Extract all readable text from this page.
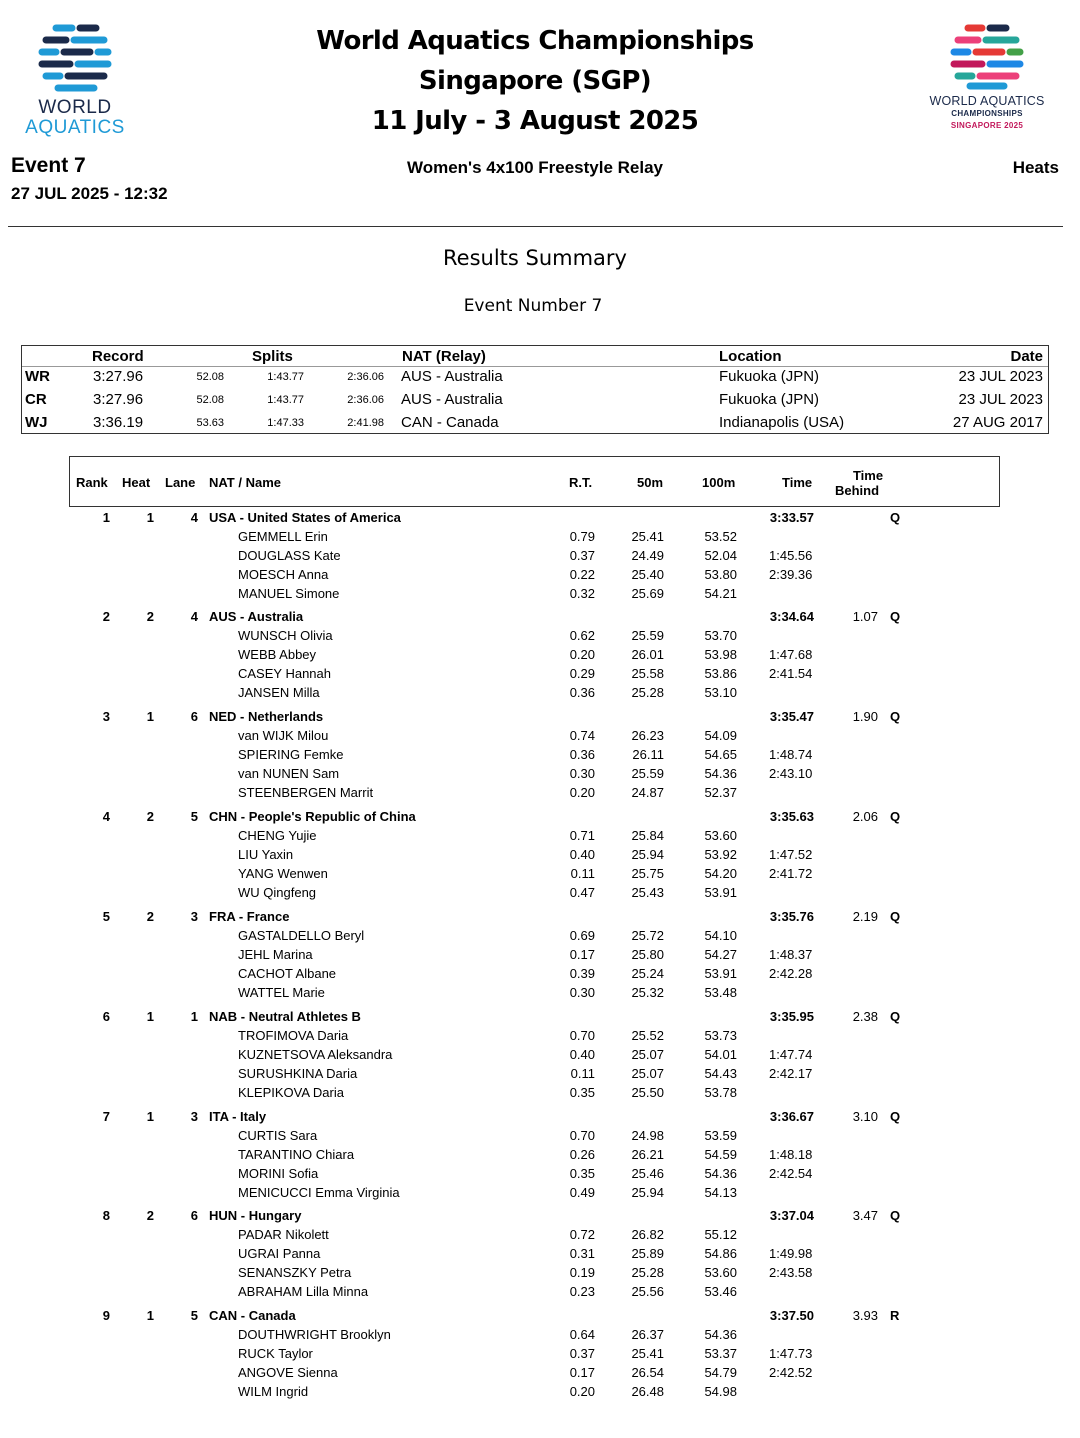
WORLD
AQUATICS
WORLD AQUATICS
CHAMPIONSHIPS
SINGAPORE 2025
World Aquatics Championships
Singapore (SGP)
11 July - 3 August 2025
Event 7
27 JUL 2025 - 12:32
Women's 4x100 Freestyle Relay	Heats
Results Summary
Event Number 7
Record	Splits	NAT (Relay)	Location	Date
WR	3:27.96	52.08	1:43.77	2:36.06 AUS - Australia	Fukuoka (JPN)	23 JUL 2023
CR	3:27.96	52.08	1:43.77	2:36.06 AUS - Australia	Fukuoka (JPN)	23 JUL 2023
WJ	3:36.19	53.63	1:47.33	2:41.98 CAN - Canada	Indianapolis (USA)	27 AUG 2017
Rank Heat Lane NAT / Name	R.T.	50m	100m	Time	Time
Behind
1	1	4 USA - United States of America	3:33.57	Q
GEMMELL Erin	0.79	25.41	53.52
DOUGLASS Kate	0.37	24.49	52.04 1:45.56
MOESCH Anna	0.22	25.40	53.80 2:39.36
MANUEL Simone	0.32	25.69	54.21
2	2	4 AUS - Australia	3:34.64	1.07 Q
WUNSCH Olivia	0.62	25.59	53.70
WEBB Abbey	0.20	26.01	53.98 1:47.68
CASEY Hannah	0.29	25.58	53.86 2:41.54
JANSEN Milla	0.36	25.28	53.10
3	1	6 NED - Netherlands	3:35.47	1.90 Q
van WIJK Milou	0.74	26.23	54.09
SPIERING Femke	0.36	26.11	54.65 1:48.74
van NUNEN Sam	0.30	25.59	54.36 2:43.10
STEENBERGEN Marrit	0.20	24.87	52.37
4	2	5 CHN - People's Republic of China	3:35.63	2.06 Q
CHENG Yujie	0.71	25.84	53.60
LIU Yaxin	0.40	25.94	53.92 1:47.52
YANG Wenwen	0.11	25.75	54.20 2:41.72
WU Qingfeng	0.47	25.43	53.91
5	2	3 FRA - France	3:35.76	2.19 Q
GASTALDELLO Beryl	0.69	25.72	54.10
JEHL Marina	0.17	25.80	54.27 1:48.37
CACHOT Albane	0.39	25.24	53.91 2:42.28
WATTEL Marie	0.30	25.32	53.48
6	1	1 NAB - Neutral Athletes B	3:35.95	2.38 Q
TROFIMOVA Daria	0.70	25.52	53.73
KUZNETSOVA Aleksandra	0.40	25.07	54.01 1:47.74
SURUSHKINA Daria	0.11	25.07	54.43 2:42.17
KLEPIKOVA Daria	0.35	25.50	53.78
7	1	3 ITA - Italy	3:36.67	3.10 Q
CURTIS Sara	0.70	24.98	53.59
TARANTINO Chiara	0.26	26.21	54.59 1:48.18
MORINI Sofia	0.35	25.46	54.36 2:42.54
MENICUCCI Emma Virginia	0.49	25.94	54.13
8	2	6 HUN - Hungary	3:37.04	3.47 Q
PADAR Nikolett	0.72	26.82	55.12
UGRAI Panna	0.31	25.89	54.86 1:49.98
SENANSZKY Petra	0.19	25.28	53.60 2:43.58
ABRAHAM Lilla Minna	0.23	25.56	53.46
9	1	5 CAN - Canada	3:37.50	3.93 R
DOUTHWRIGHT Brooklyn	0.64	26.37	54.36
RUCK Taylor	0.37	25.41	53.37 1:47.73
ANGOVE Sienna	0.17	26.54	54.79 2:42.52
WILM Ingrid	0.20	26.48	54.98
